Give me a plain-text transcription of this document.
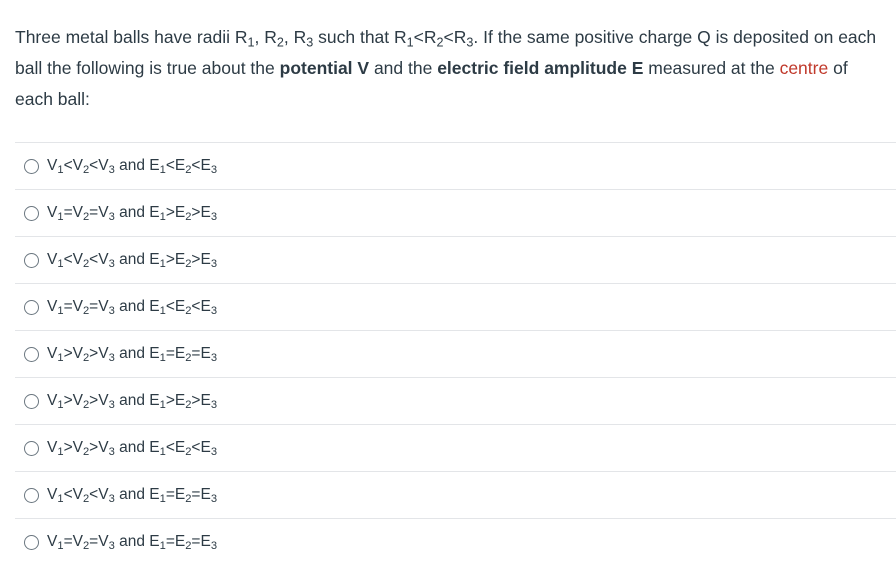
Three metal balls have radii $R_1$, $R_2$, $R_3$ such that $R_1<R_2<R_3$. If the same positive charge Q is deposited on each ball the following is true about the potential V and the electric field amplitude E measured at the centre of each ball:
$V_1<V_2<V_3$ and $E_1<E_2<E_3$
$V_1=V_2=V_3$ and $E_1>E_2>E_3$
$V_1<V_2<V_3$ and $E_1>E_2>E_3$
$V_1=V_2=V_3$ and $E_1<E_2<E_3$
$V_1>V_2>V_3$ and $E_1=E_2=E_3$
$V_1>V_2>V_3$ and $E_1>E_2>E_3$
$V_1>V_2>V_3$ and $E_1<E_2<E_3$
$V_1<V_2<V_3$ and $E_1=E_2=E_3$
$V_1=V_2=V_3$ and $E_1=E_2=E_3$
